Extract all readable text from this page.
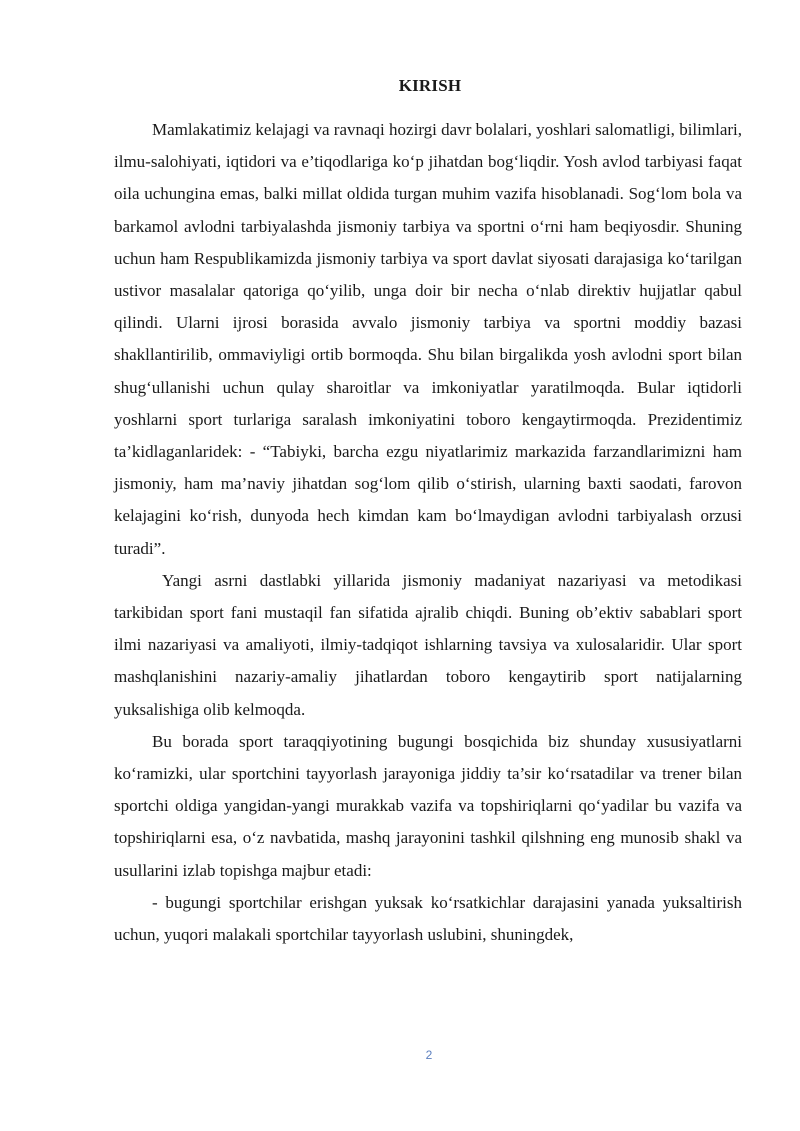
KIRISH

Mamlakatimiz kelajagi va ravnaqi hozirgi davr bolalari, yoshlari salomatligi, bilimlari, ilmu-salohiyati, iqtidori va e’tiqodlariga ko‘p jihatdan bog‘liqdir. Yosh avlod tarbiyasi faqat oila uchungina emas, balki millat oldida turgan muhim vazifa hisoblanadi. Sog‘lom bola va barkamol avlodni tarbiyalashda jismoniy tarbiya va sportni o‘rni ham beqiyosdir. Shuning uchun ham Respublikamizda jismoniy tarbiya va sport davlat siyosati darajasiga ko‘tarilgan ustivor masalalar qatoriga qo‘yilib, unga doir bir necha o‘nlab direktiv hujjatlar qabul qilindi. Ularni ijrosi borasida avvalo jismoniy tarbiya va sportni moddiy bazasi shakllantirilib, ommaviyligi ortib bormoqda. Shu bilan birgalikda yosh avlodni sport bilan shug‘ullanishi uchun qulay sharoitlar va imkoniyatlar yaratilmoqda. Bular iqtidorli yoshlarni sport turlariga saralash imkoniyatini toboro kengaytirmoqda. Prezidentimiz ta’kidlaganlaridek: - “Tabiyki, barcha ezgu niyatlarimiz markazida farzandlarimizni ham jismoniy, ham ma’naviy jihatdan sog‘lom qilib o‘stirish, ularning baxti saodati, farovon kelajagini ko‘rish, dunyoda hech kimdan kam bo‘lmaydigan avlodni tarbiyalash orzusi turadi”.

Yangi asrni dastlabki yillarida jismoniy madaniyat nazariyasi va metodikasi tarkibidan sport fani mustaqil fan sifatida ajralib chiqdi. Buning ob’ektiv sabablari sport ilmi nazariyasi va amaliyoti, ilmiy-tadqiqot ishlarning tavsiya va xulosalaridir. Ular sport mashqlanishini nazariy-amaliy jihatlardan toboro kengaytirib sport natijalarning yuksalishiga olib kelmoqda.

Bu borada sport taraqqiyotining bugungi bosqichida biz shunday xususiyatlarni ko‘ramizki, ular sportchini tayyorlash jarayoniga jiddiy ta’sir ko‘rsatadilar va trener bilan sportchi oldiga yangidan-yangi murakkab vazifa va topshiriqlarni qo‘yadilar bu vazifa va topshiriqlarni esa, o‘z navbatida, mashq jarayonini tashkil qilshning eng munosib shakl va usullarini izlab topishga majbur etadi:

- bugungi sportchilar erishgan yuksak ko‘rsatkichlar darajasini yanada yuksaltirish uchun, yuqori malakali sportchilar tayyorlash uslubini, shuningdek,

2
